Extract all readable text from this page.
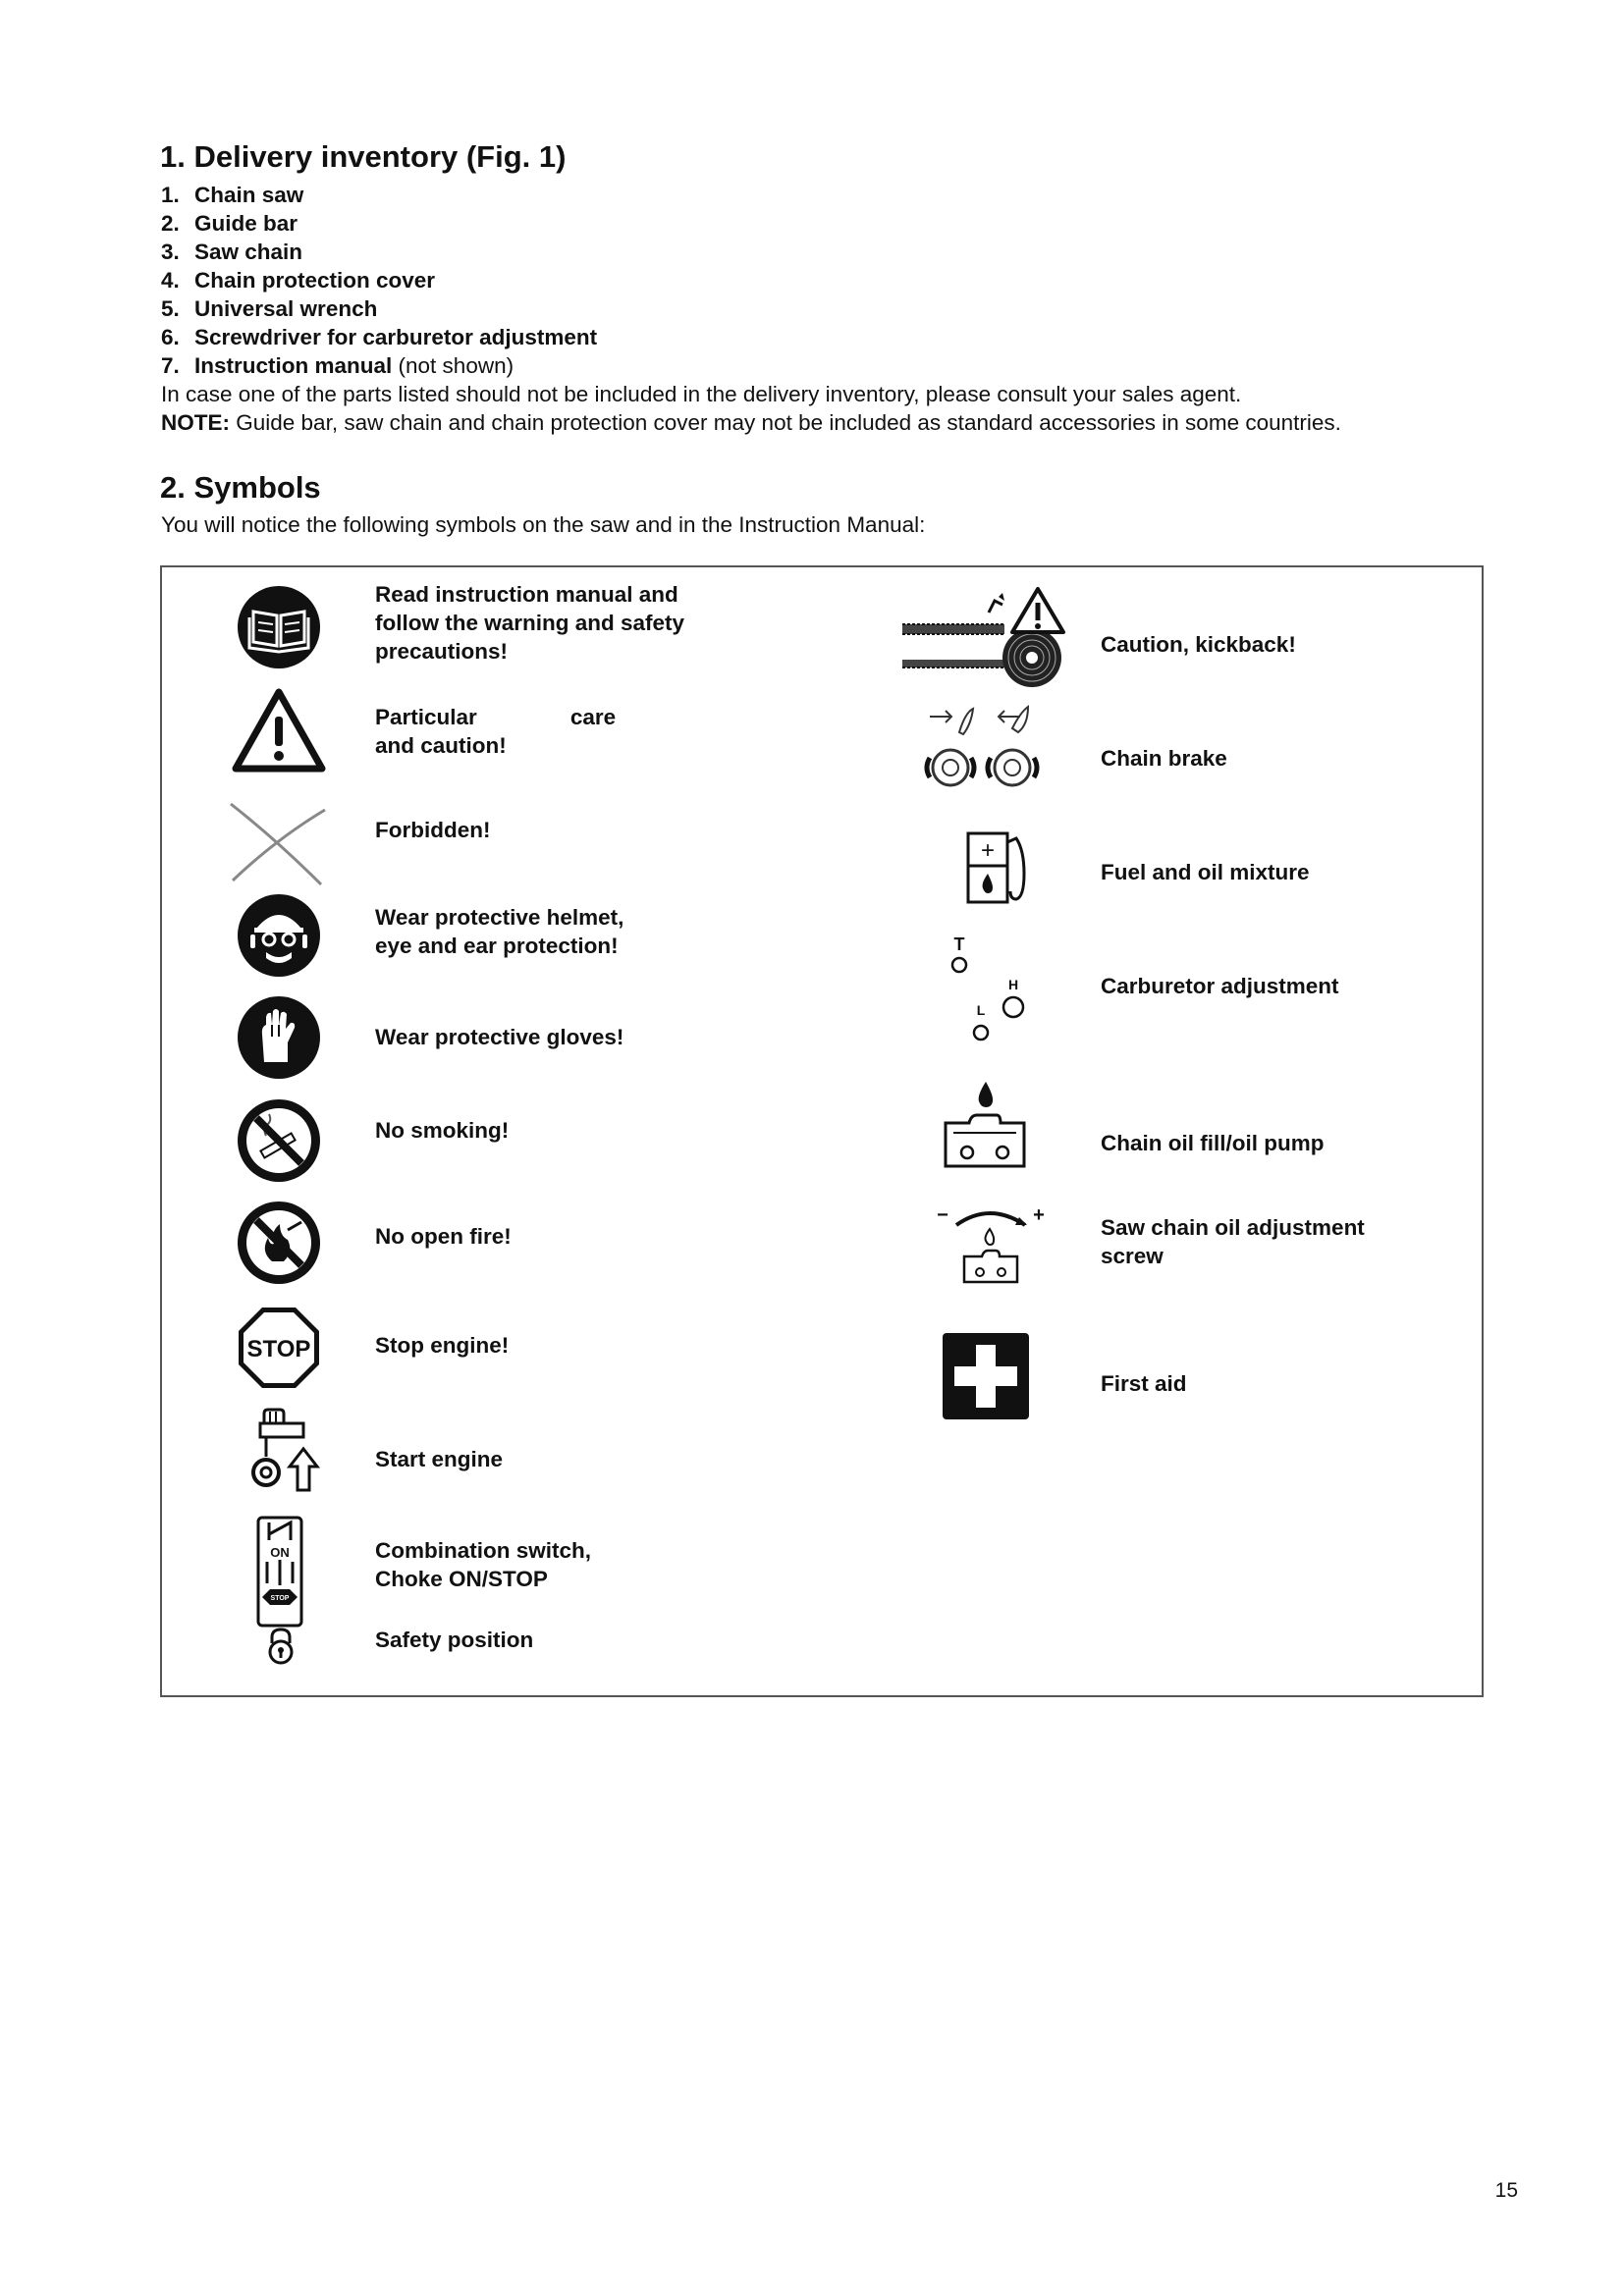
1. Delivery inventory (Fig. 1)
1. Chain saw
2. Guide bar
3. Saw chain
4. Chain protection cover
5. Universal wrench
6. Screwdriver for carburetor adjustment
7. Instruction manual (not shown)
In case one of the parts listed should not be included in the delivery inventory, please consult your sales agent.
NOTE: Guide bar, saw chain and chain protection cover may not be included as standard accessories in some countries.
2. Symbols
You will notice the following symbols on the saw and in the Instruction Manual:
Read instruction manual and
follow the warning and safety
precautions!
Particular	care
and caution!
Forbidden!
Wear protective helmet,
eye and ear protection!
Wear protective gloves!
No smoking!
No open fire!
STOP	Stop engine!
Start engine
ON
STOP
Combination switch,
Choke ON/STOP
Safety position
Caution, kickback!
Chain brake
+
Fuel and oil mixture
T
H
L
Carburetor adjustment
Chain oil fill/oil pump
−	+	Saw chain oil adjustment
screw
First aid
15
